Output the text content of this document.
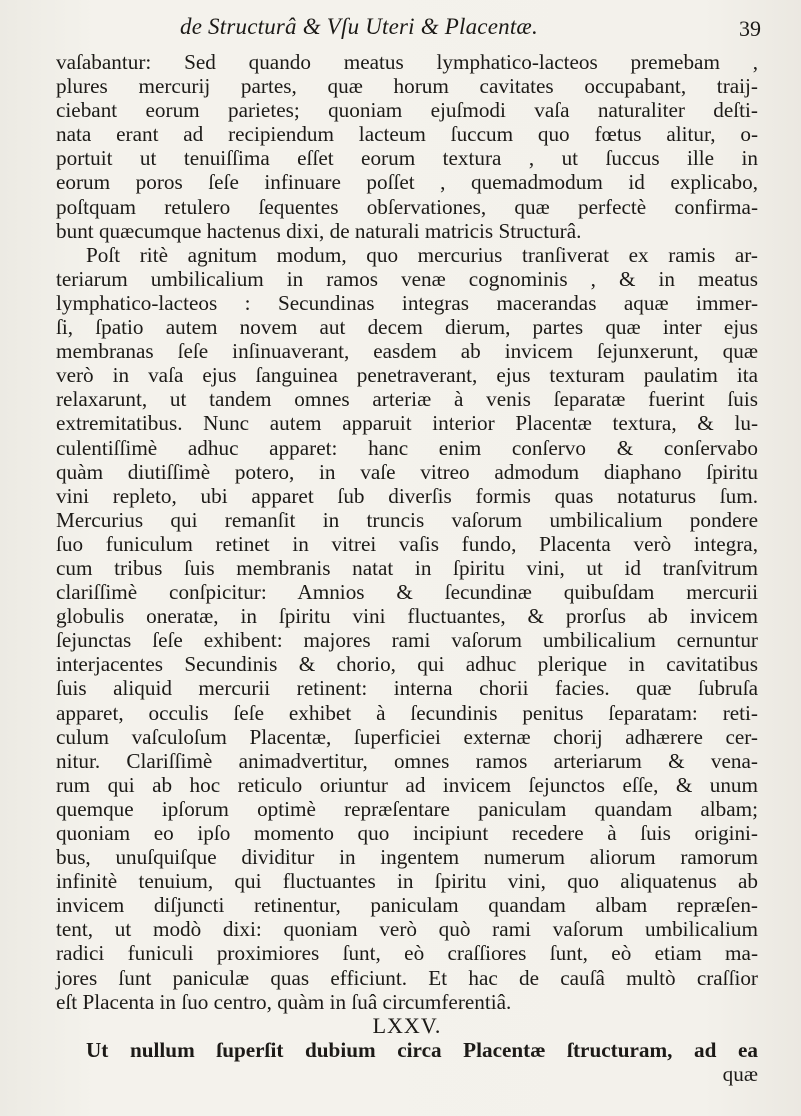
de Structurâ & Vſu Uteri & Placentæ.	39
vaſabantur: Sed quando meatus lymphatico-lacteos premebam ,
plures mercurij partes, quæ horum cavitates occupabant, traij-
ciebant eorum parietes; quoniam ejuſmodi vaſa naturaliter deſti-
nata erant ad recipiendum lacteum ſuccum quo fœtus alitur, o-
portuit ut tenuiſſima eſſet eorum textura , ut ſuccus ille in
eorum poros ſeſe infinuare poſſet , quemadmodum id explicabo,
poſtquam retulero ſequentes obſervationes, quæ perfectè confirma-
bunt quæcumque hactenus dixi, de naturali matricis Structurâ.
Poſt ritè agnitum modum, quo mercurius tranſiverat ex ramis ar-
teriarum umbilicalium in ramos venæ cognominis , & in meatus
lymphatico-lacteos : Secundinas integras macerandas aquæ immer-
ſi, ſpatio autem novem aut decem dierum, partes quæ inter ejus
membranas ſeſe inſinuaverant, easdem ab invicem ſejunxerunt, quæ
verò in vaſa ejus ſanguinea penetraverant, ejus texturam paulatim ita
relaxarunt, ut tandem omnes arteriæ à venis ſeparatæ fuerint ſuis
extremitatibus. Nunc autem apparuit interior Placentæ textura, & lu-
culentiſſimè adhuc apparet: hanc enim conſervo & conſervabo
quàm diutiſſimè potero, in vaſe vitreo admodum diaphano ſpiritu
vini repleto, ubi apparet ſub diverſis formis quas notaturus ſum.
Mercurius qui remanſit in truncis vaſorum umbilicalium pondere
ſuo funiculum retinet in vitrei vaſis fundo, Placenta verò integra,
cum tribus ſuis membranis natat in ſpiritu vini, ut id tranſvitrum
clariſſimè conſpicitur: Amnios & ſecundinæ quibuſdam mercurii
globulis oneratæ, in ſpiritu vini fluctuantes, & prorſus ab invicem
ſejunctas ſeſe exhibent: majores rami vaſorum umbilicalium cernuntur
interjacentes Secundinis & chorio, qui adhuc plerique in cavitatibus
ſuis aliquid mercurii retinent: interna chorii facies. quæ ſubruſa
apparet, occulis ſeſe exhibet à ſecundinis penitus ſeparatam: reti-
culum vaſculoſum Placentæ, ſuperficiei externæ chorij adhærere cer-
nitur. Clariſſimè animadvertitur, omnes ramos arteriarum & vena-
rum qui ab hoc reticulo oriuntur ad invicem ſejunctos eſſe, & unum
quemque ipſorum optimè repræſentare paniculam quandam albam;
quoniam eo ipſo momento quo incipiunt recedere à ſuis origini-
bus, unuſquiſque dividitur in ingentem numerum aliorum ramorum
infinitè tenuium, qui fluctuantes in ſpiritu vini, quo aliquatenus ab
invicem diſjuncti retinentur, paniculam quandam albam repræſen-
tent, ut modò dixi: quoniam verò quò rami vaſorum umbilicalium
radici funiculi proximiores ſunt, eò craſſiores ſunt, eò etiam ma-
jores ſunt paniculæ quas efficiunt. Et hac de cauſâ multò craſſior
eſt Placenta in ſuo centro, quàm in ſuâ circumferentiâ.
LXXV.
Ut nullum ſuperſit dubium circa Placentæ ſtructuram, ad ea
quæ
